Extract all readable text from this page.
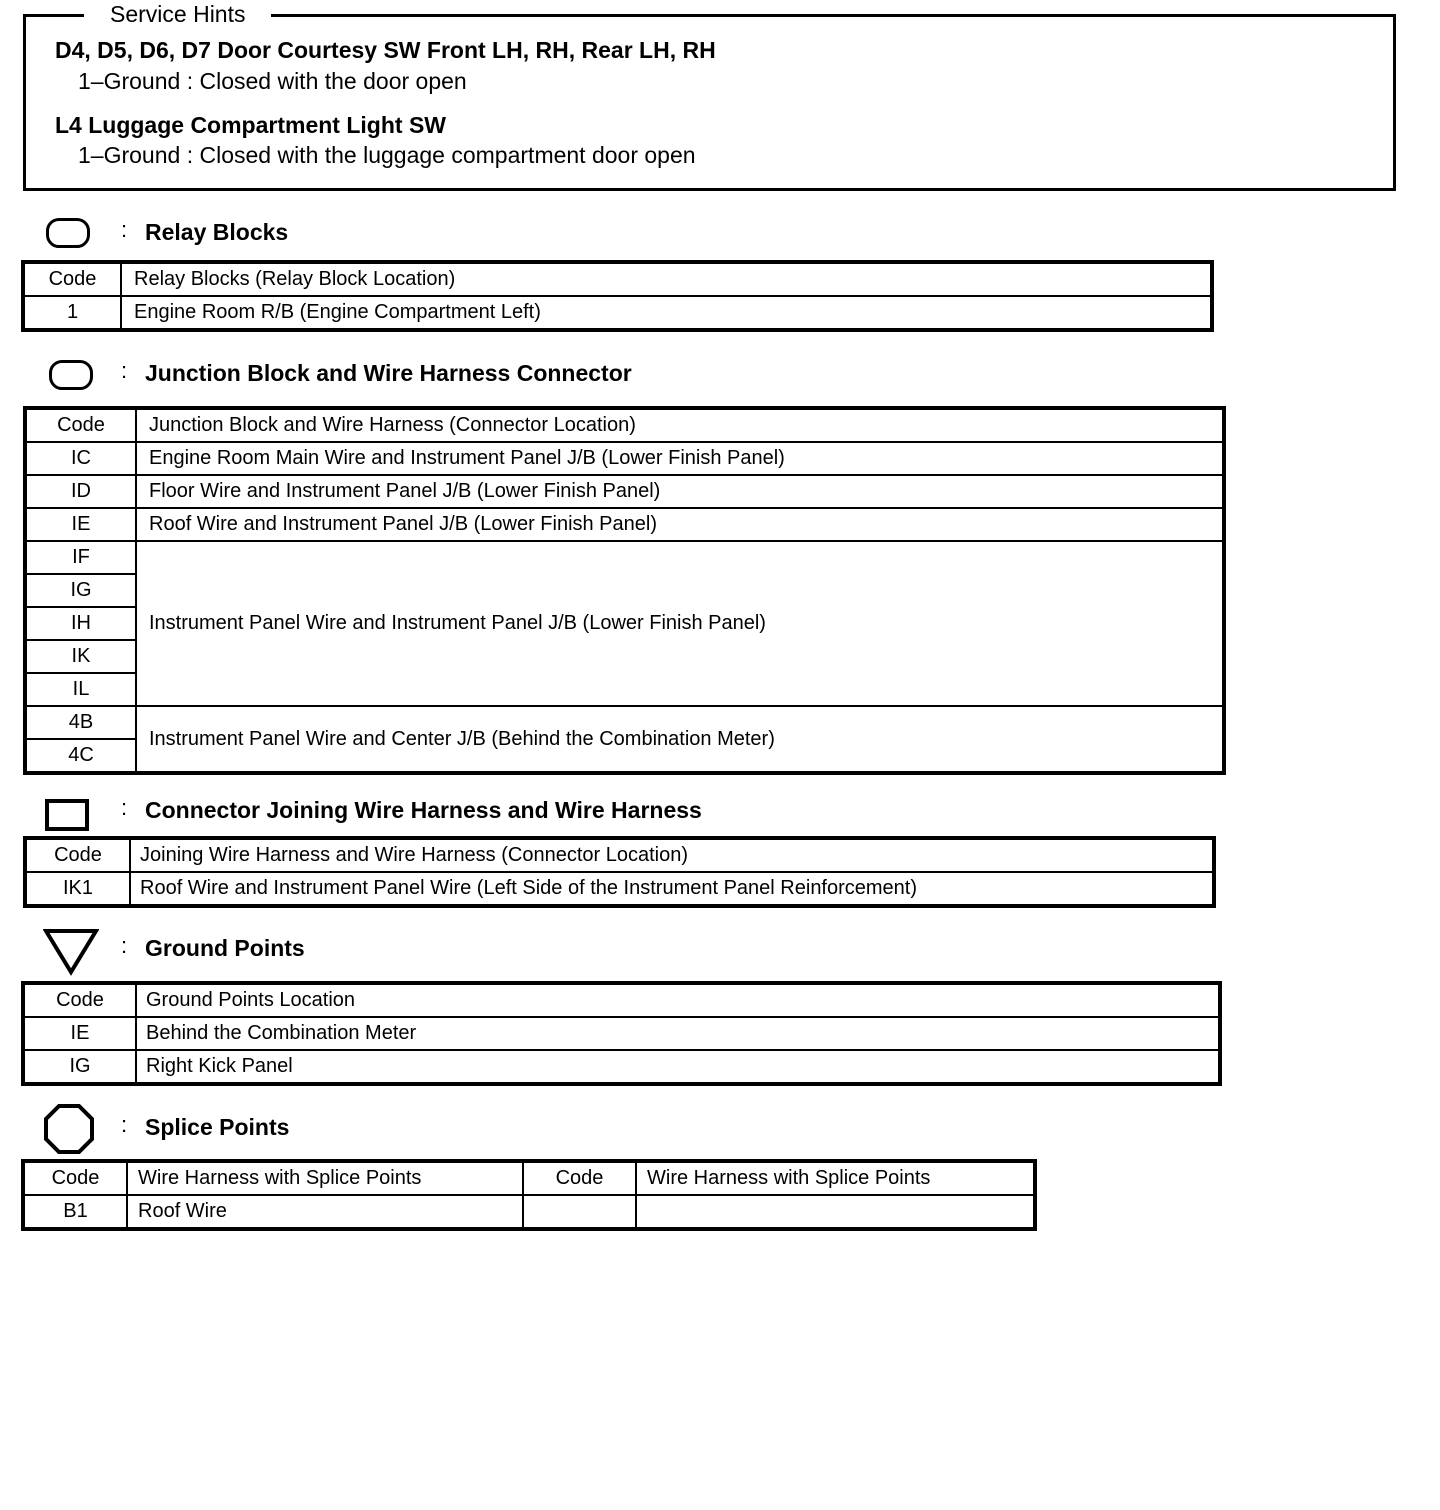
Service Hints
D4, D5, D6, D7 Door Courtesy SW Front LH, RH, Rear LH, RH
1–Ground : Closed with the door open
L4 Luggage Compartment Light SW
1–Ground : Closed with the luggage compartment door open
: Relay Blocks
Code	Relay Blocks (Relay Block Location)
1	Engine Room R/B (Engine Compartment Left)
: Junction Block and Wire Harness Connector
Code	Junction Block and Wire Harness (Connector Location)
IC	Engine Room Main Wire and Instrument Panel J/B (Lower Finish Panel)
ID	Floor Wire and Instrument Panel J/B (Lower Finish Panel)
IE	Roof Wire and Instrument Panel J/B (Lower Finish Panel)
IF	Instrument Panel Wire and Instrument Panel J/B (Lower Finish Panel)
IG	
IH	
IK	
IL	
4B	Instrument Panel Wire and Center J/B (Behind the Combination Meter)
4C	
: Connector Joining Wire Harness and Wire Harness
Code	Joining Wire Harness and Wire Harness (Connector Location)
IK1	Roof Wire and Instrument Panel Wire (Left Side of the Instrument Panel Reinforcement)
: Ground Points
Code	Ground Points Location
IE	Behind the Combination Meter
IG	Right Kick Panel
: Splice Points
Code	Wire Harness with Splice Points	Code	Wire Harness with Splice Points
B1	Roof Wire		
